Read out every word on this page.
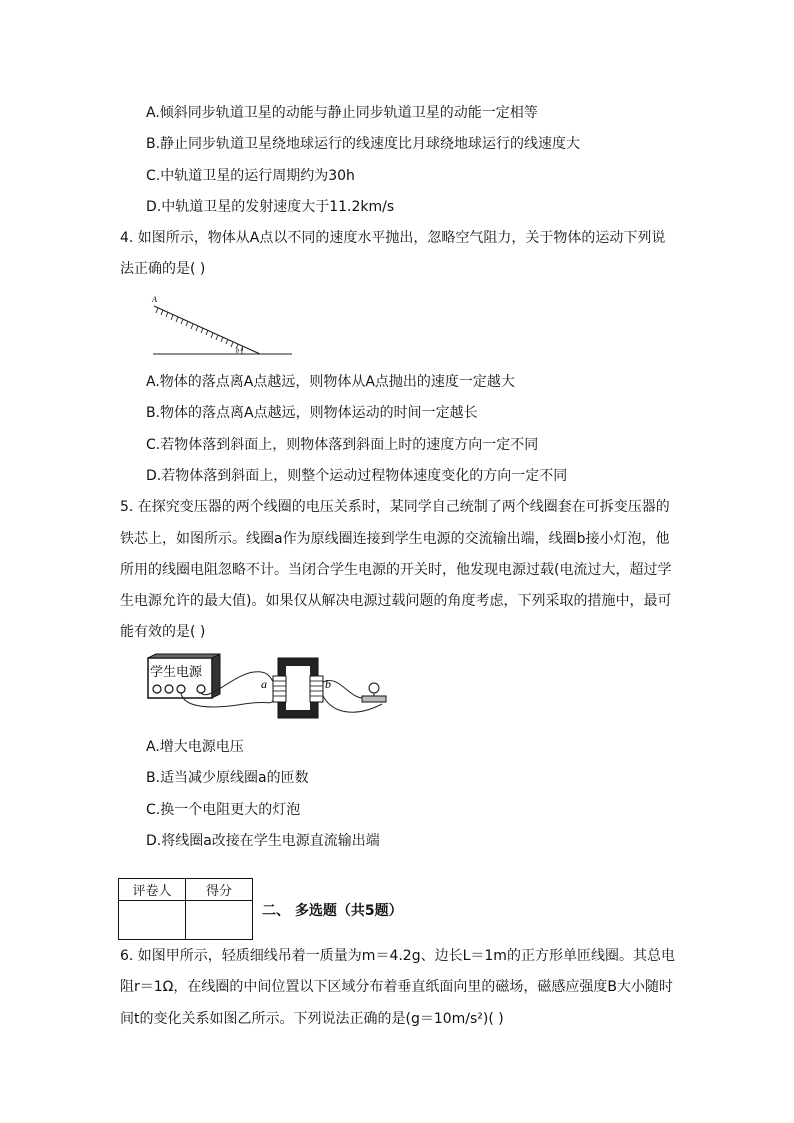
A.倾斜同步轨道卫星的动能与静止同步轨道卫星的动能一定相等
B.静止同步轨道卫星绕地球运行的线速度比月球绕地球运行的线速度大
C.中轨道卫星的运行周期约为30h
D.中轨道卫星的发射速度大于11.2km/s
4. 如图所示，物体从A点以不同的速度水平抛出，忽略空气阻力，关于物体的运动下列说
法正确的是( )
A
θ
A.物体的落点离A点越远，则物体从A点抛出的速度一定越大
B.物体的落点离A点越远，则物体运动的时间一定越长
C.若物体落到斜面上，则物体落到斜面上时的速度方向一定不同
D.若物体落到斜面上，则整个运动过程物体速度变化的方向一定不同
5. 在探究变压器的两个线圈的电压关系时，某同学自己统制了两个线圈套在可拆变压器的
铁芯上，如图所示。线圈a作为原线圈连接到学生电源的交流输出端，线圈b接小灯泡，他
所用的线圈电阻忽略不计。当闭合学生电源的开关时，他发现电源过载(电流过大，超过学
生电源允许的最大值)。如果仅从解决电源过载问题的角度考虑，下列采取的措施中，最可
能有效的是( )
学生电源
a	b
A.增大电源电压
B.适当减少原线圈a的匝数
C.换一个电阻更大的灯泡
D.将线圈a改接在学生电源直流输出端
评卷人	得分

二、 多选题（共5题）
6. 如图甲所示，轻质细线吊着一质量为m＝4.2g、边长L＝1m的正方形单匝线圈。其总电
阻r＝1Ω，在线圈的中间位置以下区域分布着垂直纸面向里的磁场，磁感应强度B大小随时
间t的变化关系如图乙所示。下列说法正确的是(g＝10m/s²)( )
